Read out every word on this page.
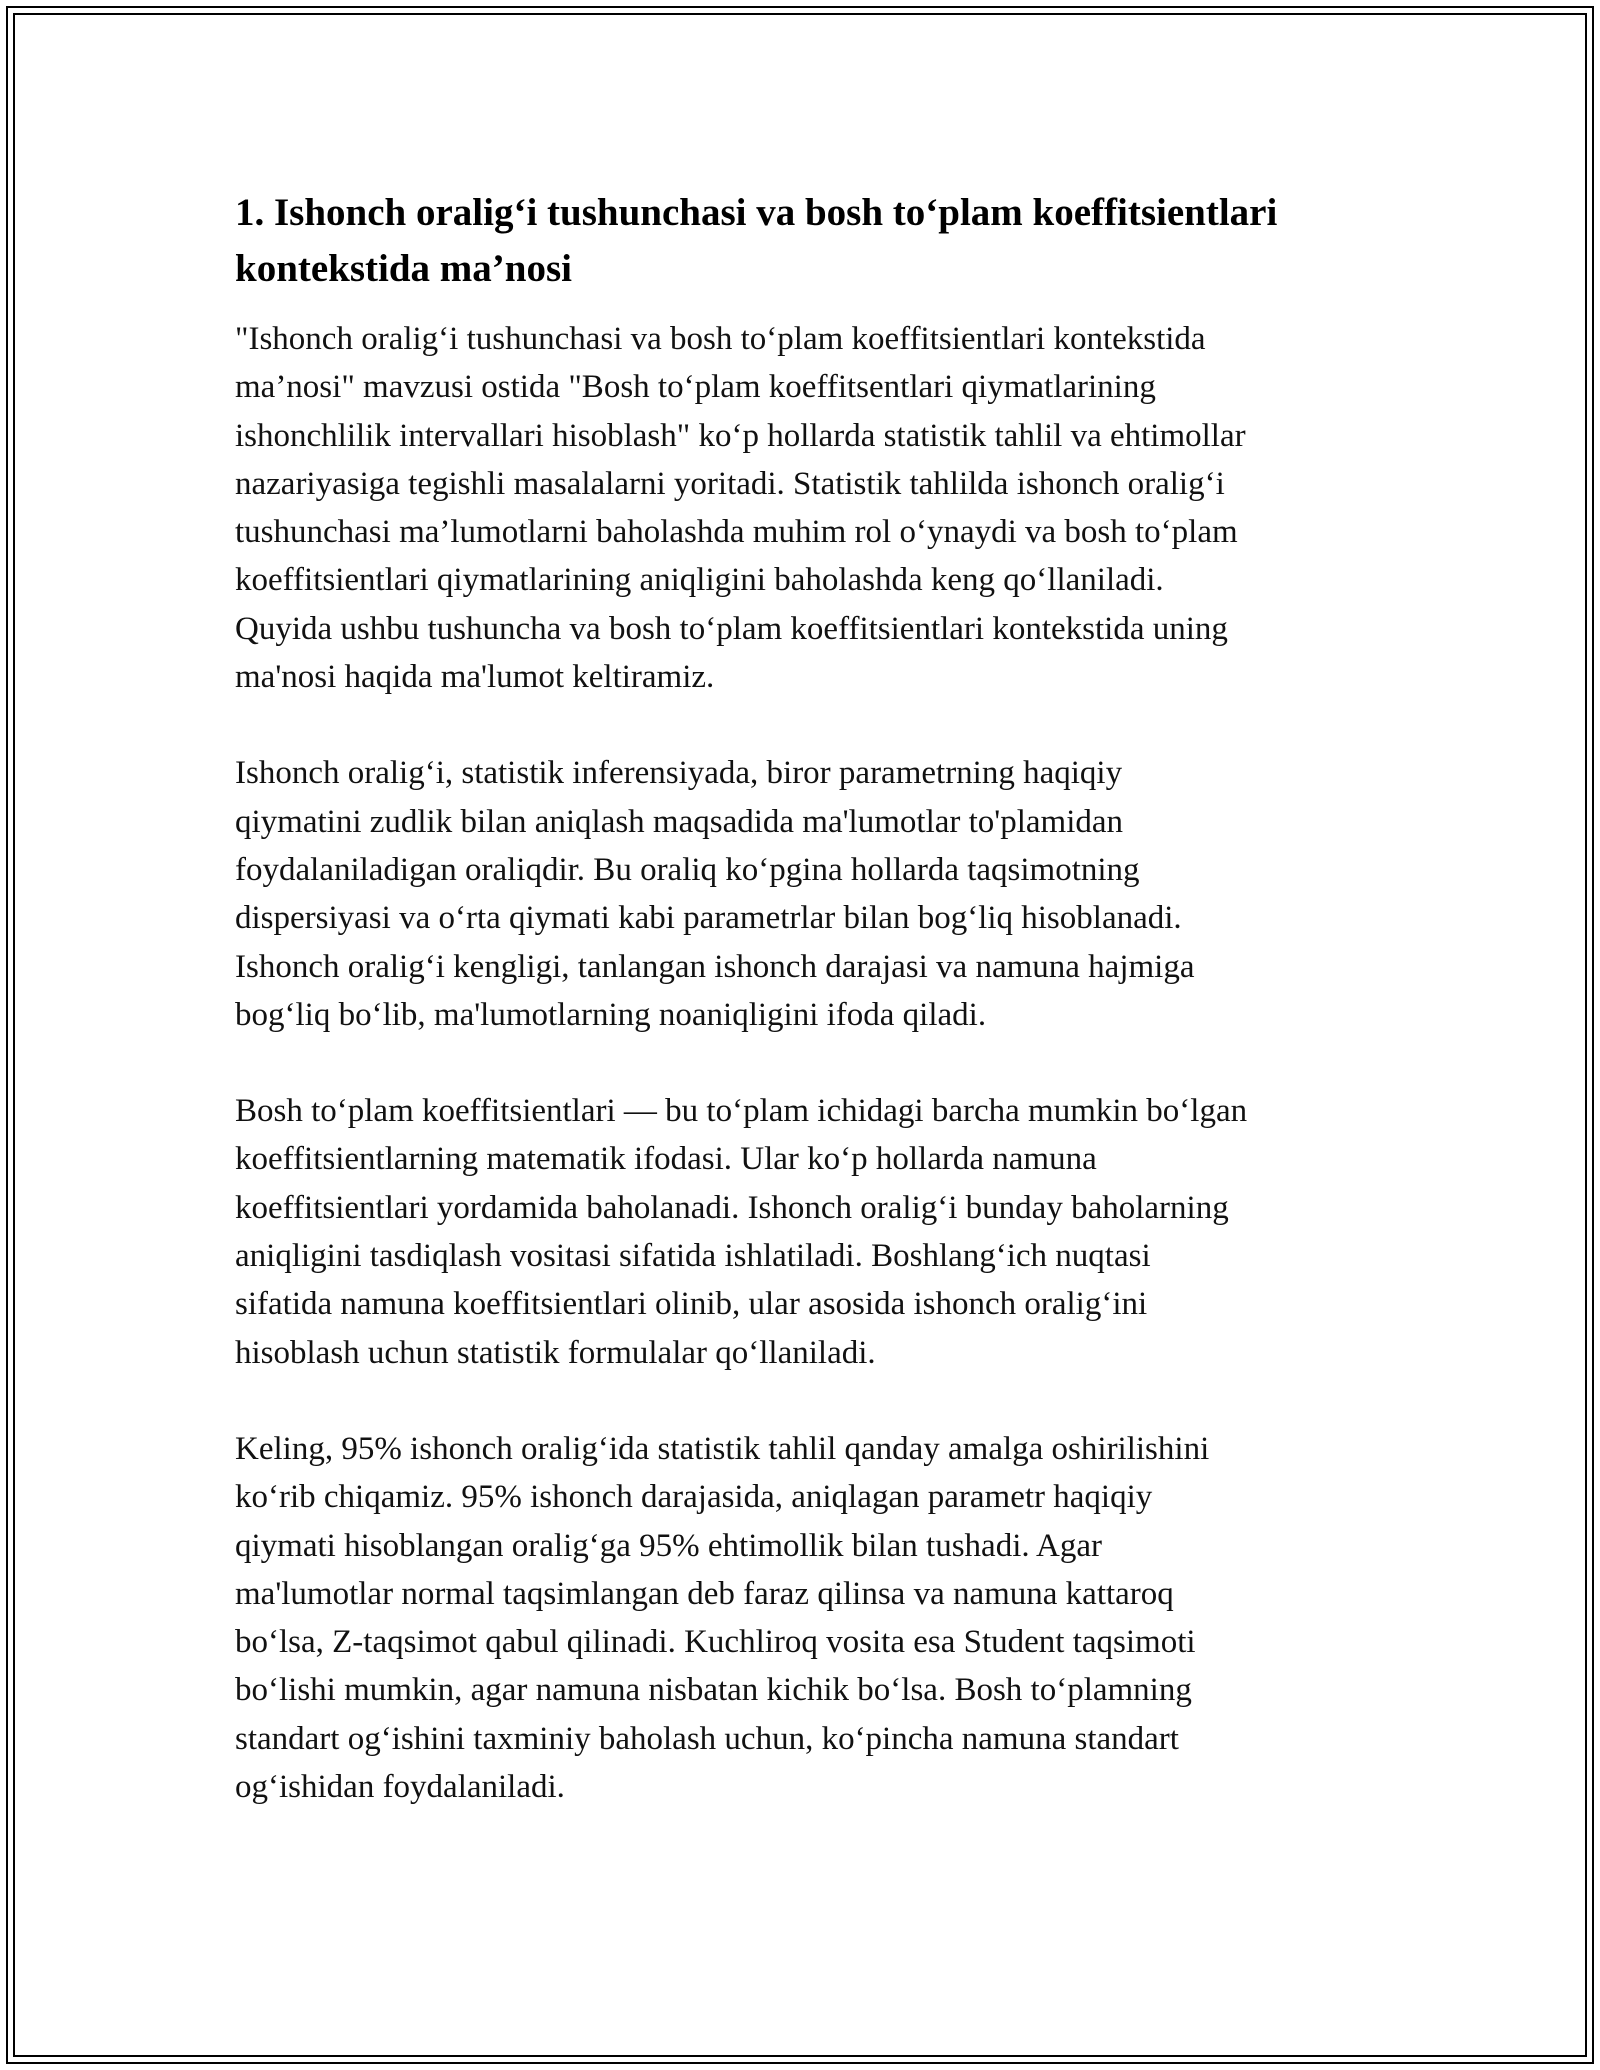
1. Ishonch oralig‘i tushunchasi va bosh to‘plam koeffitsientlari
kontekstida ma’nosi

"Ishonch oralig‘i tushunchasi va bosh to‘plam koeffitsientlari kontekstida
ma’nosi" mavzusi ostida "Bosh to‘plam koeffitsentlari qiymatlarining
ishonchlilik intervallari hisoblash" ko‘p hollarda statistik tahlil va ehtimollar
nazariyasiga tegishli masalalarni yoritadi. Statistik tahlilda ishonch oralig‘i
tushunchasi ma’lumotlarni baholashda muhim rol o‘ynaydi va bosh to‘plam
koeffitsientlari qiymatlarining aniqligini baholashda keng qo‘llaniladi.
Quyida ushbu tushuncha va bosh to‘plam koeffitsientlari kontekstida uning
ma'nosi haqida ma'lumot keltiramiz.

Ishonch oralig‘i, statistik inferensiyada, biror parametrning haqiqiy
qiymatini zudlik bilan aniqlash maqsadida ma'lumotlar to'plamidan
foydalaniladigan oraliqdir. Bu oraliq ko‘pgina hollarda taqsimotning
dispersiyasi va o‘rta qiymati kabi parametrlar bilan bog‘liq hisoblanadi.
Ishonch oralig‘i kengligi, tanlangan ishonch darajasi va namuna hajmiga
bog‘liq bo‘lib, ma'lumotlarning noaniqligini ifoda qiladi.

Bosh to‘plam koeffitsientlari — bu to‘plam ichidagi barcha mumkin bo‘lgan
koeffitsientlarning matematik ifodasi. Ular ko‘p hollarda namuna
koeffitsientlari yordamida baholanadi. Ishonch oralig‘i bunday baholarning
aniqligini tasdiqlash vositasi sifatida ishlatiladi. Boshlang‘ich nuqtasi
sifatida namuna koeffitsientlari olinib, ular asosida ishonch oralig‘ini
hisoblash uchun statistik formulalar qo‘llaniladi.

Keling, 95% ishonch oralig‘ida statistik tahlil qanday amalga oshirilishini
ko‘rib chiqamiz. 95% ishonch darajasida, aniqlagan parametr haqiqiy
qiymati hisoblangan oralig‘ga 95% ehtimollik bilan tushadi. Agar
ma'lumotlar normal taqsimlangan deb faraz qilinsa va namuna kattaroq
bo‘lsa, Z-taqsimot qabul qilinadi. Kuchliroq vosita esa Student taqsimoti
bo‘lishi mumkin, agar namuna nisbatan kichik bo‘lsa. Bosh to‘plamning
standart og‘ishini taxminiy baholash uchun, ko‘pincha namuna standart
og‘ishidan foydalaniladi.
